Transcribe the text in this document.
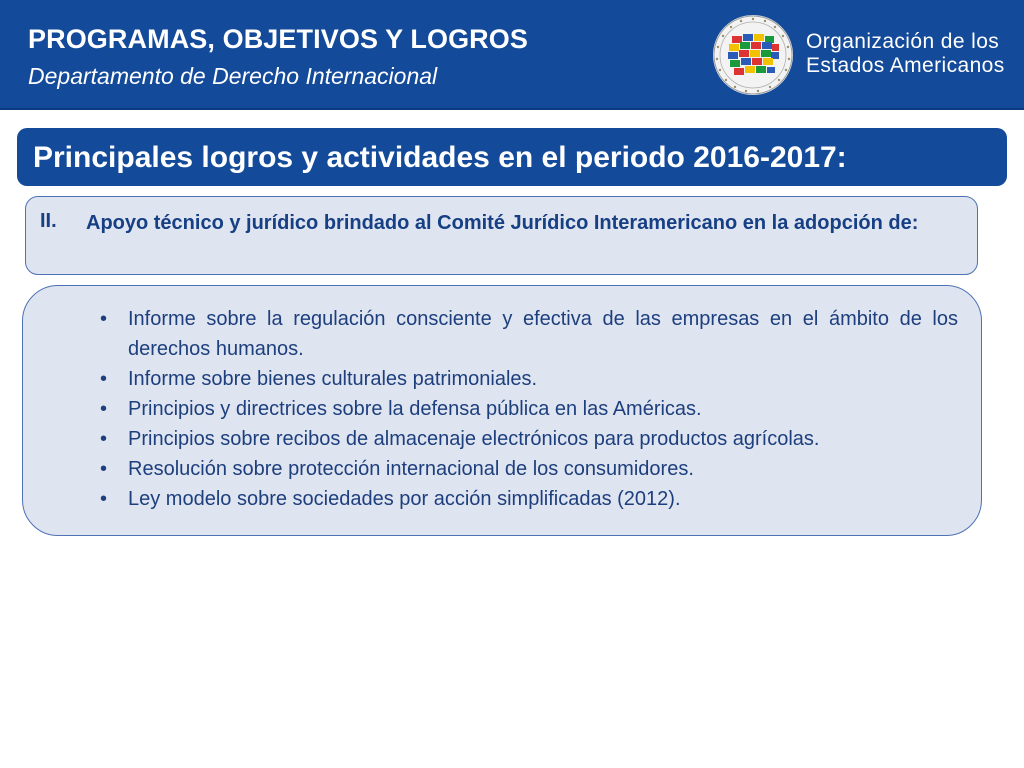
PROGRAMAS, OBJETIVOS Y LOGROS
Departamento de Derecho Internacional
Organización de los
Estados Americanos
Principales logros y actividades en el periodo 2016-2017:
II. Apoyo técnico y jurídico brindado al Comité Jurídico Interamericano en la adopción de:
• Informe sobre la regulación consciente y efectiva de las empresas en el ámbito de los derechos humanos.
• Informe sobre bienes culturales patrimoniales.
• Principios y directrices sobre la defensa pública en las Américas.
• Principios sobre recibos de almacenaje electrónicos para productos agrícolas.
• Resolución sobre protección internacional de los consumidores.
• Ley modelo sobre sociedades por acción simplificadas (2012).
